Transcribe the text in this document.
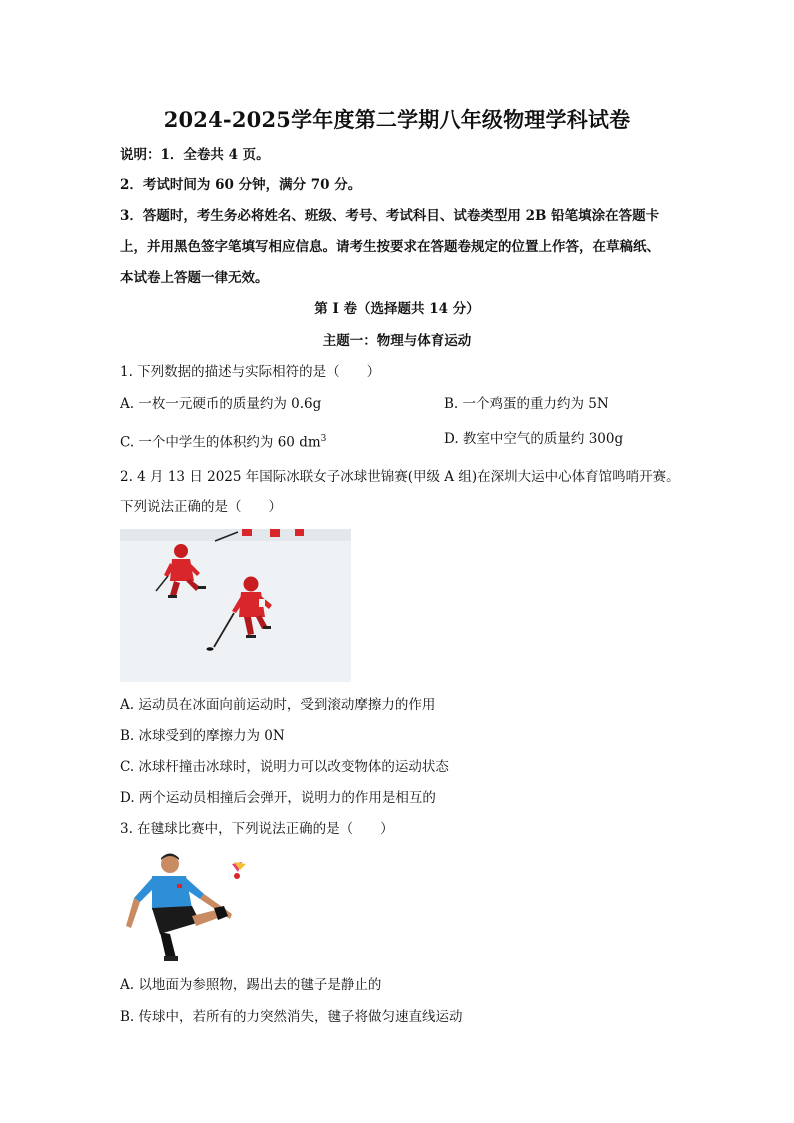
2024-2025学年度第二学期八年级物理学科试卷
说明：1．全卷共 4 页。
2．考试时间为 60 分钟，满分 70 分。
3．答题时，考生务必将姓名、班级、考号、考试科目、试卷类型用 2B 铅笔填涂在答题卡
上，并用黑色签字笔填写相应信息。请考生按要求在答题卷规定的位置上作答，在草稿纸、
本试卷上答题一律无效。
第 I 卷（选择题共 14 分）
主题一：物理与体育运动
1. 下列数据的描述与实际相符的是（　　）
A. 一枚一元硬币的质量约为 0.6g	B. 一个鸡蛋的重力约为 5N
C. 一个中学生的体积约为 60 $dm^3$	D. 教室中空气的质量约 300g
2. 4 月 13 日 2025 年国际冰联女子冰球世锦赛(甲级 A 组)在深圳大运中心体育馆鸣哨开赛。
下列说法正确的是（　　）
A. 运动员在冰面向前运动时，受到滚动摩擦力的作用
B. 冰球受到的摩擦力为 0N
C. 冰球杆撞击冰球时，说明力可以改变物体的运动状态
D. 两个运动员相撞后会弹开，说明力的作用是相互的
3. 在毽球比赛中，下列说法正确的是（　　）
A. 以地面为参照物，踢出去的毽子是静止的
B. 传球中，若所有的力突然消失，毽子将做匀速直线运动
